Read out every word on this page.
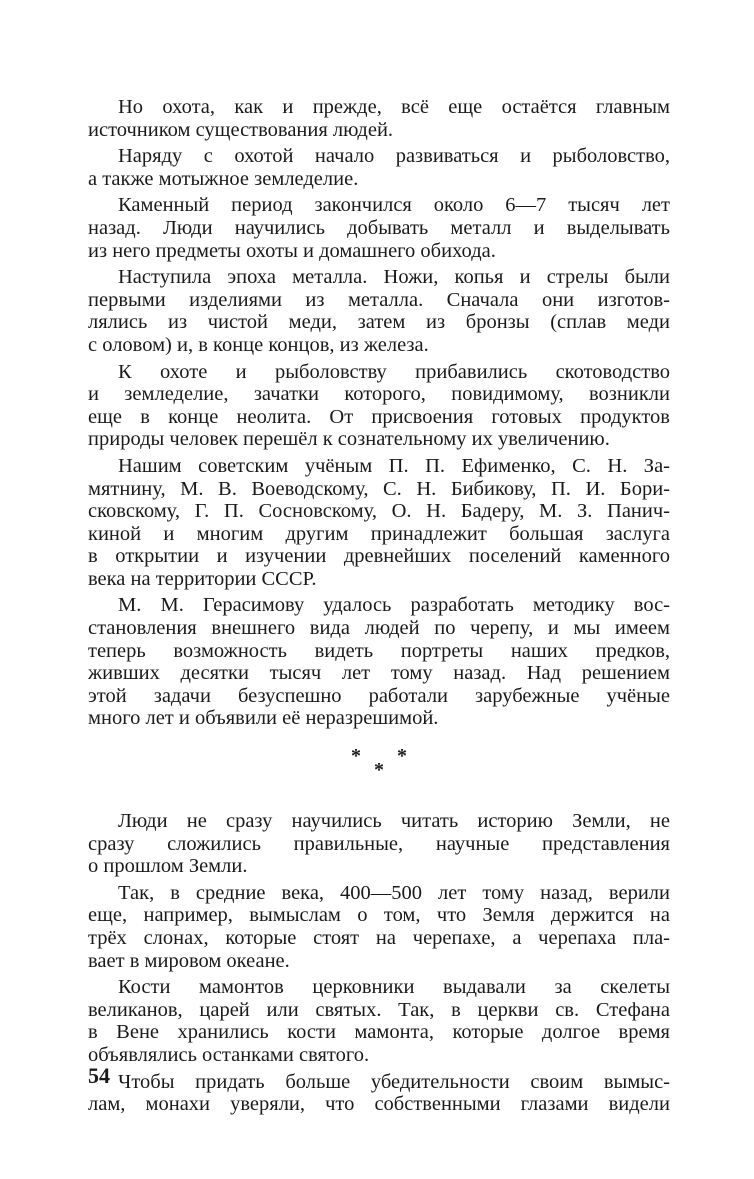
Но охота, как и прежде, всё еще остаётся главным
источником существования людей.

Наряду с охотой начало развиваться и рыболовство,
а также мотыжное земледелие.

Каменный период закончился около 6—7 тысяч лет
назад. Люди научились добывать металл и выделывать
из него предметы охоты и домашнего обихода.

Наступила эпоха металла. Ножи, копья и стрелы были
первыми изделиями из металла. Сначала они изготов-
лялись из чистой меди, затем из бронзы (сплав меди
с оловом) и, в конце концов, из железа.

К охоте и рыболовству прибавились скотоводство
и земледелие, зачатки которого, повидимому, возникли
еще в конце неолита. От присвоения готовых продуктов
природы человек перешёл к сознательному их увеличению.

Нашим советским учёным П. П. Ефименко, С. Н. За-
мятнину, М. В. Воеводскому, С. Н. Бибикову, П. И. Бори-
сковскому, Г. П. Сосновскому, О. Н. Бадеру, М. З. Панич-
киной и многим другим принадлежит большая заслуга
в открытии и изучении древнейших поселений каменного
века на территории СССР.

М. М. Герасимову удалось разработать методику вос-
становления внешнего вида людей по черепу, и мы имеем
теперь возможность видеть портреты наших предков,
живших десятки тысяч лет тому назад. Над решением
этой задачи безуспешно работали зарубежные учёные
много лет и объявили её неразрешимой.

* *
*

Люди не сразу научились читать историю Земли, не
сразу сложились правильные, научные представления
о прошлом Земли.

Так, в средние века, 400—500 лет тому назад, верили
еще, например, вымыслам о том, что Земля держится на
трёх слонах, которые стоят на черепахе, а черепаха пла-
вает в мировом океане.

Кости мамонтов церковники выдавали за скелеты
великанов, царей или святых. Так, в церкви св. Стефана
в Вене хранились кости мамонта, которые долгое время
объявлялись останками святого.

Чтобы придать больше убедительности своим вымыс-
лам, монахи уверяли, что собственными глазами видели

54
